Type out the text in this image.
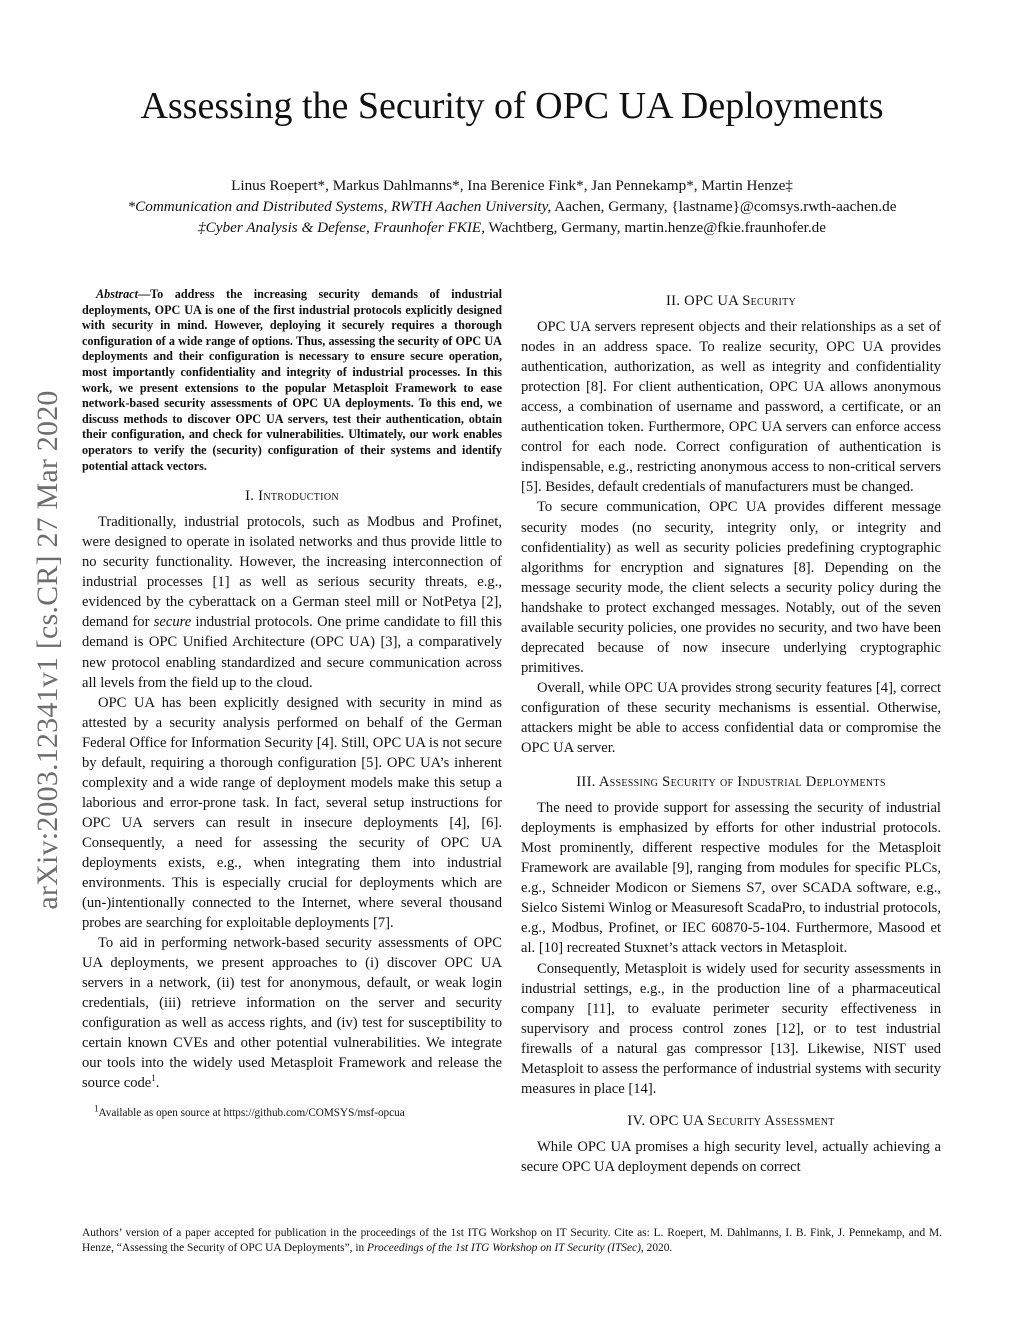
arXiv:2003.12341v1 [cs.CR] 27 Mar 2020
Assessing the Security of OPC UA Deployments
Linus Roepert*, Markus Dahlmanns*, Ina Berenice Fink*, Jan Pennekamp*, Martin Henze‡
*Communication and Distributed Systems, RWTH Aachen University, Aachen, Germany, {lastname}@comsys.rwth-aachen.de
‡Cyber Analysis & Defense, Fraunhofer FKIE, Wachtberg, Germany, martin.henze@fkie.fraunhofer.de

Abstract—To address the increasing security demands of industrial deployments, OPC UA is one of the first industrial protocols explicitly designed with security in mind. However, deploying it securely requires a thorough configuration of a wide range of options. Thus, assessing the security of OPC UA deployments and their configuration is necessary to ensure secure operation, most importantly confidentiality and integrity of industrial processes. In this work, we present extensions to the popular Metasploit Framework to ease network-based security assessments of OPC UA deployments. To this end, we discuss methods to discover OPC UA servers, test their authentication, obtain their configuration, and check for vulnerabilities. Ultimately, our work enables operators to verify the (security) configuration of their systems and identify potential attack vectors.

I. Introduction

Traditionally, industrial protocols, such as Modbus and Profinet, were designed to operate in isolated networks and thus provide little to no security functionality. However, the increasing interconnection of industrial processes [1] as well as serious security threats, e.g., evidenced by the cyberattack on a German steel mill or NotPetya [2], demand for secure industrial protocols. One prime candidate to fill this demand is OPC Unified Architecture (OPC UA) [3], a comparatively new protocol enabling standardized and secure communication across all levels from the field up to the cloud.

OPC UA has been explicitly designed with security in mind as attested by a security analysis performed on behalf of the German Federal Office for Information Security [4]. Still, OPC UA is not secure by default, requiring a thorough configuration [5]. OPC UA’s inherent complexity and a wide range of deployment models make this setup a laborious and error-prone task. In fact, several setup instructions for OPC UA servers can result in insecure deployments [4], [6]. Consequently, a need for assessing the security of OPC UA deployments exists, e.g., when integrating them into industrial environments. This is especially crucial for deployments which are (un-)intentionally connected to the Internet, where several thousand probes are searching for exploitable deployments [7].

To aid in performing network-based security assessments of OPC UA deployments, we present approaches to (i) discover OPC UA servers in a network, (ii) test for anonymous, default, or weak login credentials, (iii) retrieve information on the server and security configuration as well as access rights, and (iv) test for susceptibility to certain known CVEs and other potential vulnerabilities. We integrate our tools into the widely used Metasploit Framework and release the source code$^1$.

$^1$Available as open source at https://github.com/COMSYS/msf-opcua
II. OPC UA Security

OPC UA servers represent objects and their relationships as a set of nodes in an address space. To realize security, OPC UA provides authentication, authorization, as well as integrity and confidentiality protection [8]. For client authentication, OPC UA allows anonymous access, a combination of username and password, a certificate, or an authentication token. Furthermore, OPC UA servers can enforce access control for each node. Correct configuration of authentication is indispensable, e.g., restricting anonymous access to non-critical servers [5]. Besides, default credentials of manufacturers must be changed.

To secure communication, OPC UA provides different message security modes (no security, integrity only, or integrity and confidentiality) as well as security policies predefining cryptographic algorithms for encryption and signatures [8]. Depending on the message security mode, the client selects a security policy during the handshake to protect exchanged messages. Notably, out of the seven available security policies, one provides no security, and two have been deprecated because of now insecure underlying cryptographic primitives.

Overall, while OPC UA provides strong security features [4], correct configuration of these security mechanisms is essential. Otherwise, attackers might be able to access confidential data or compromise the OPC UA server.

III. Assessing Security of Industrial Deployments

The need to provide support for assessing the security of industrial deployments is emphasized by efforts for other industrial protocols. Most prominently, different respective modules for the Metasploit Framework are available [9], ranging from modules for specific PLCs, e.g., Schneider Modicon or Siemens S7, over SCADA software, e.g., Sielco Sistemi Winlog or Measuresoft ScadaPro, to industrial protocols, e.g., Modbus, Profinet, or IEC 60870-5-104. Furthermore, Masood et al. [10] recreated Stuxnet’s attack vectors in Metasploit.

Consequently, Metasploit is widely used for security assessments in industrial settings, e.g., in the production line of a pharmaceutical company [11], to evaluate perimeter security effectiveness in supervisory and process control zones [12], or to test industrial firewalls of a natural gas compressor [13]. Likewise, NIST used Metasploit to assess the performance of industrial systems with security measures in place [14].

IV. OPC UA Security Assessment

While OPC UA promises a high security level, actually achieving a secure OPC UA deployment depends on correct

Authors’ version of a paper accepted for publication in the proceedings of the 1st ITG Workshop on IT Security. Cite as: L. Roepert, M. Dahlmanns, I. B. Fink, J. Pennekamp, and M. Henze, “Assessing the Security of OPC UA Deployments”, in Proceedings of the 1st ITG Workshop on IT Security (ITSec), 2020.
